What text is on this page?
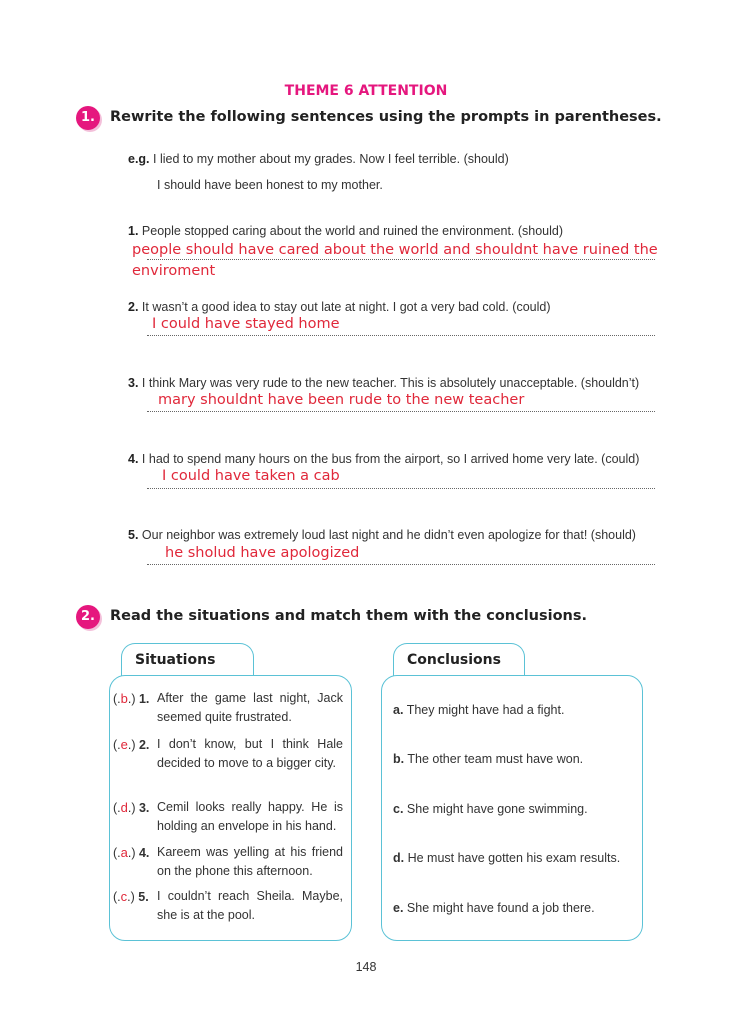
THEME 6 ATTENTION
1.	Rewrite the following sentences using the prompts in parentheses.
e.g. I lied to my mother about my grades. Now I feel terrible. (should)
I should have been honest to my mother.
1. People stopped caring about the world and ruined the environment. (should)
people should have cared about the world and shouldnt have ruined the
enviroment
2. It wasn’t a good idea to stay out late at night. I got a very bad cold. (could)
I could have stayed home
3. I think Mary was very rude to the new teacher. This is absolutely unacceptable. (shouldn’t)
mary shouldnt have been rude to the new teacher
4. I had to spend many hours on the bus from the airport, so I arrived home very late. (could)
I could have taken a cab
5. Our neighbor was extremely loud last night and he didn’t even apologize for that! (should)
he sholud have apologized
2.	Read the situations and match them with the conclusions.
Situations	Conclusions
(.b.) 1. After the game last night, Jack seemed quite frustrated.
(.e.) 2. I don’t know, but I think Hale decided to move to a bigger city.
(.d.) 3. Cemil looks really happy. He is holding an envelope in his hand.
(.a.) 4. Kareem was yelling at his friend on the phone this afternoon.
(.c.) 5. I couldn’t reach Sheila. Maybe, she is at the pool.
a. They might have had a fight.
b. The other team must have won.
c. She might have gone swimming.
d. He must have gotten his exam results.
e. She might have found a job there.
148
